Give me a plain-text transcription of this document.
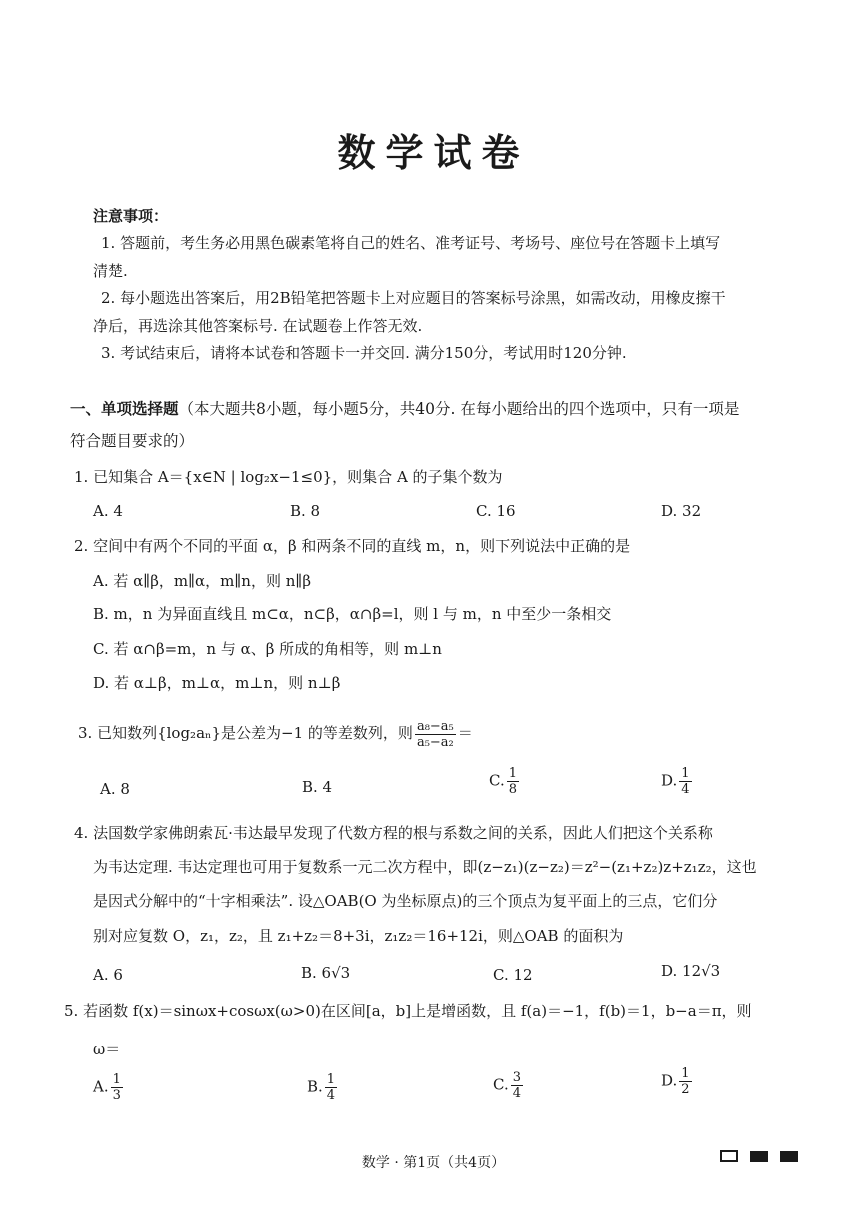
数学试卷
注意事项：
1. 答题前，考生务必用黑色碳素笔将自己的姓名、准考证号、考场号、座位号在答题卡上填写
清楚.
2. 每小题选出答案后，用2B铅笔把答题卡上对应题目的答案标号涂黑，如需改动，用橡皮擦干
净后，再选涂其他答案标号. 在试题卷上作答无效.
3. 考试结束后，请将本试卷和答题卡一并交回. 满分150分，考试用时120分钟.
一、单项选择题（本大题共8小题，每小题5分，共40分. 在每小题给出的四个选项中，只有一项是
符合题目要求的）
1. 已知集合 A＝{x∈N | log₂x−1≤0}，则集合 A 的子集个数为
A. 4	B. 8	C. 16	D. 32
2. 空间中有两个不同的平面 α，β 和两条不同的直线 m，n，则下列说法中正确的是
A. 若 α∥β，m∥α，m∥n，则 n∥β
B. m，n 为异面直线且 m⊂α，n⊂β，α∩β=l，则 l 与 m，n 中至少一条相交
C. 若 α∩β=m，n 与 α、β 所成的角相等，则 m⊥n
D. 若 α⊥β，m⊥α，m⊥n，则 n⊥β
3. 已知数列{log₂aₙ}是公差为−1 的等差数列，则 $\frac{\text{a₈−a₅}}{\text{a₅−a₂}}$ ＝
A. 8	B. 4	C. $\frac{1}{8}$	D. $\frac{1}{4}$
4. 法国数学家佛朗索瓦·韦达最早发现了代数方程的根与系数之间的关系，因此人们把这个关系称
为韦达定理. 韦达定理也可用于复数系一元二次方程中，即(z−z₁)(z−z₂)＝z²−(z₁+z₂)z+z₁z₂，这也
是因式分解中的“十字相乘法”. 设△OAB(O 为坐标原点)的三个顶点为复平面上的三点，它们分
别对应复数 O，z₁，z₂，且 z₁+z₂＝8+3i，z₁z₂＝16+12i，则△OAB 的面积为
A. 6	B. 6√3	C. 12	D. 12√3
5. 若函数 f(x)＝sinωx+cosωx(ω>0)在区间[a，b]上是增函数，且 f(a)＝−1，f(b)＝1，b−a＝π，则
ω＝
A. $\frac{1}{3}$	B. $\frac{1}{4}$	C. $\frac{3}{4}$	D. $\frac{1}{2}$
数学 · 第1页（共4页）
